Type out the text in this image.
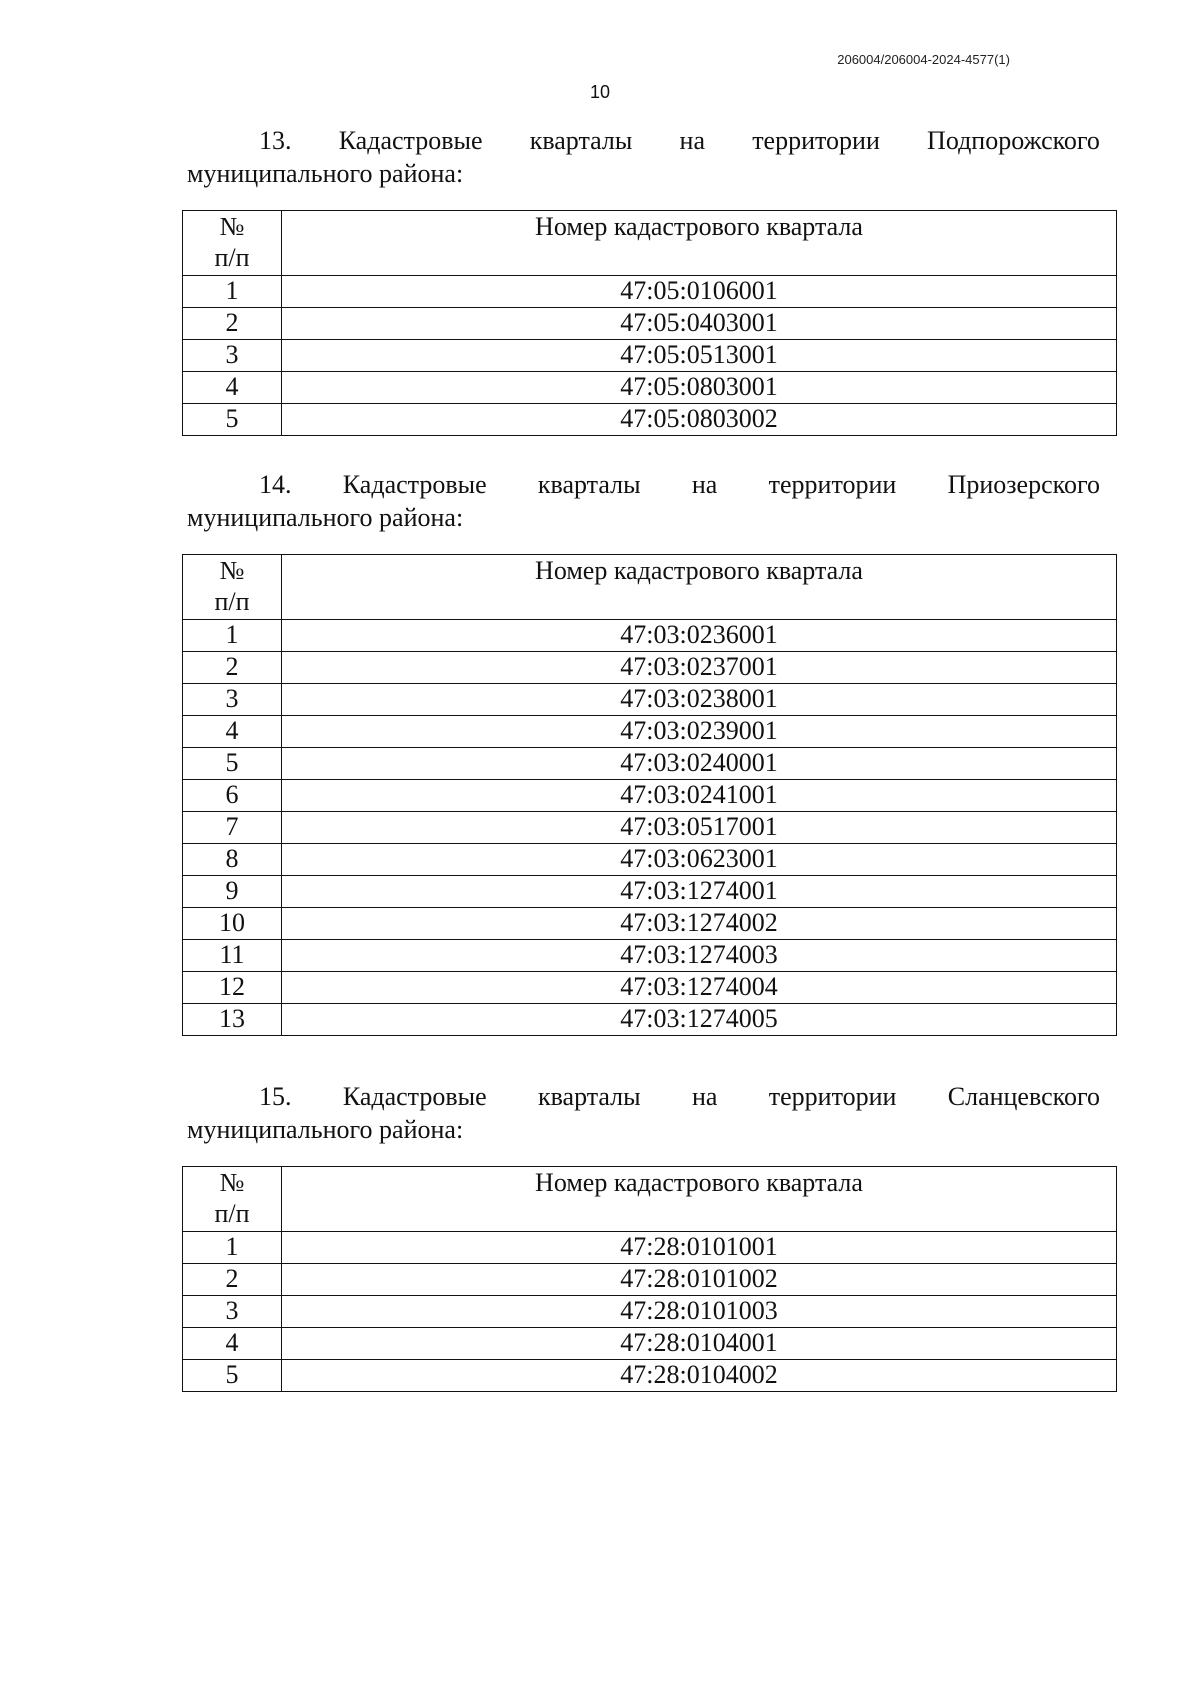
206004/206004-2024-4577(1)
10
13. Кадастровые кварталы на территории Подпорожского
муниципального района:
№
п/п	Номер кадастрового квартала
1	47:05:0106001
2	47:05:0403001
3	47:05:0513001
4	47:05:0803001
5	47:05:0803002
14. Кадастровые кварталы на территории Приозерского
муниципального района:
№
п/п	Номер кадастрового квартала
1	47:03:0236001
2	47:03:0237001
3	47:03:0238001
4	47:03:0239001
5	47:03:0240001
6	47:03:0241001
7	47:03:0517001
8	47:03:0623001
9	47:03:1274001
10	47:03:1274002
11	47:03:1274003
12	47:03:1274004
13	47:03:1274005
15. Кадастровые кварталы на территории Сланцевского
муниципального района:
№
п/п	Номер кадастрового квартала
1	47:28:0101001
2	47:28:0101002
3	47:28:0101003
4	47:28:0104001
5	47:28:0104002
